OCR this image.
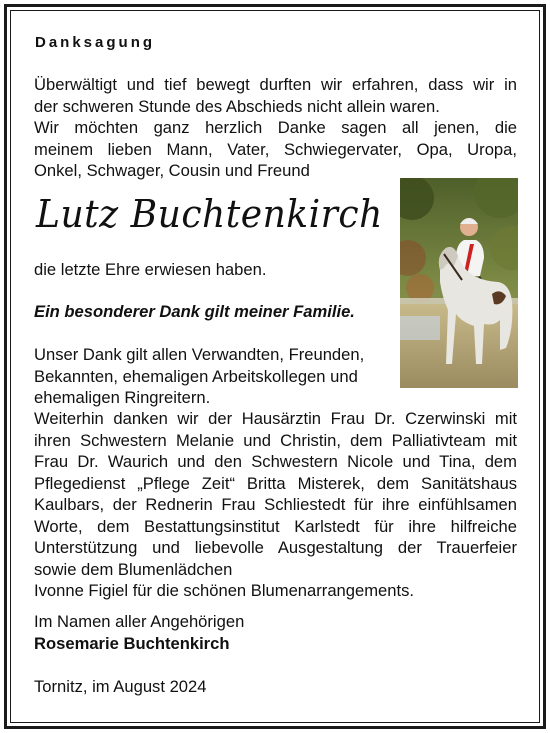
Danksagung
Überwältigt und tief bewegt durften wir erfahren, dass wir in
der schweren Stunde des Abschieds nicht allein waren.
Wir möchten ganz herzlich Danke sagen all jenen, die
meinem lieben Mann, Vater, Schwiegervater, Opa, Uropa,
Onkel, Schwager, Cousin und Freund
Lutz Buchtenkirch
die letzte Ehre erwiesen haben.
Ein besonderer Dank gilt meiner Familie.
Unser Dank gilt allen Verwandten, Freunden,
Bekannten, ehemaligen Arbeitskollegen und
ehemaligen Ringreitern.
Weiterhin danken wir der Hausärztin Frau Dr. Czerwinski mit
ihren Schwestern Melanie und Christin, dem Palliativteam mit
Frau Dr. Waurich und den Schwestern Nicole und Tina, dem
Pflegedienst „Pflege Zeit“ Britta Misterek, dem Sanitätshaus
Kaulbars, der Rednerin Frau Schliestedt für ihre einfühlsamen
Worte, dem Bestattungsinstitut Karlstedt für ihre hilfreiche
Unterstützung und liebevolle Ausgestaltung der Trauerfeier
sowie dem Blumenlädchen
Ivonne Figiel für die schönen Blumenarrangements.
Im Namen aller Angehörigen
Rosemarie Buchtenkirch
Tornitz, im August 2024
